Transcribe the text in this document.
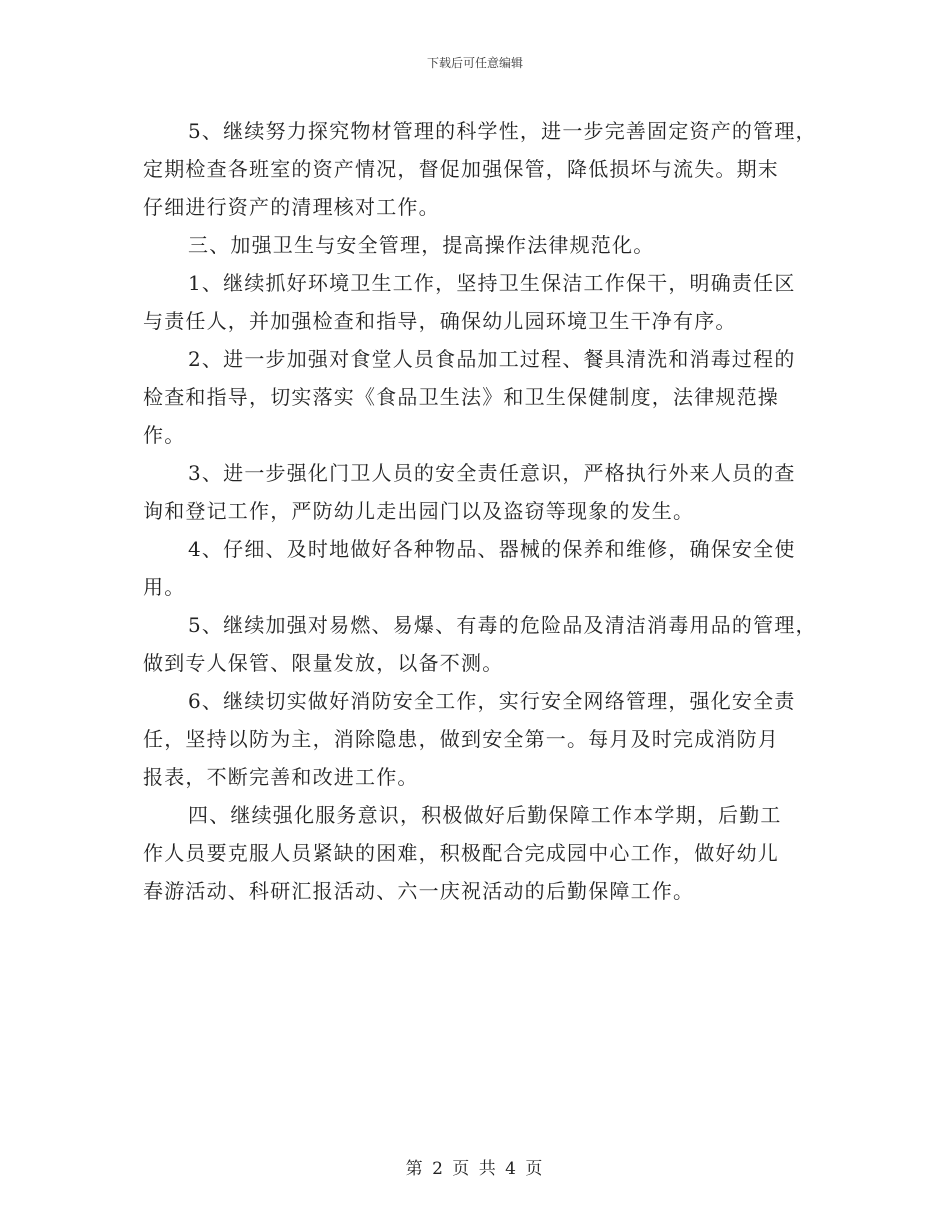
下载后可任意编辑
5、继续努力探究物材管理的科学性，进一步完善固定资产的管理，
定期检查各班室的资产情况，督促加强保管，降低损坏与流失。期末
仔细进行资产的清理核对工作。
三、加强卫生与安全管理，提高操作法律规范化。
1、继续抓好环境卫生工作，坚持卫生保洁工作保干，明确责任区
与责任人，并加强检查和指导，确保幼儿园环境卫生干净有序。
2、进一步加强对食堂人员食品加工过程、餐具清洗和消毒过程的
检查和指导，切实落实《食品卫生法》和卫生保健制度，法律规范操
作。
3、进一步强化门卫人员的安全责任意识，严格执行外来人员的查
询和登记工作，严防幼儿走出园门以及盗窃等现象的发生。
4、仔细、及时地做好各种物品、器械的保养和维修，确保安全使
用。
5、继续加强对易燃、易爆、有毒的危险品及清洁消毒用品的管理，
做到专人保管、限量发放，以备不测。
6、继续切实做好消防安全工作，实行安全网络管理，强化安全责
任，坚持以防为主，消除隐患，做到安全第一。每月及时完成消防月
报表，不断完善和改进工作。
四、继续强化服务意识，积极做好后勤保障工作本学期，后勤工
作人员要克服人员紧缺的困难，积极配合完成园中心工作，做好幼儿
春游活动、科研汇报活动、六一庆祝活动的后勤保障工作。
第 2 页 共 4 页
